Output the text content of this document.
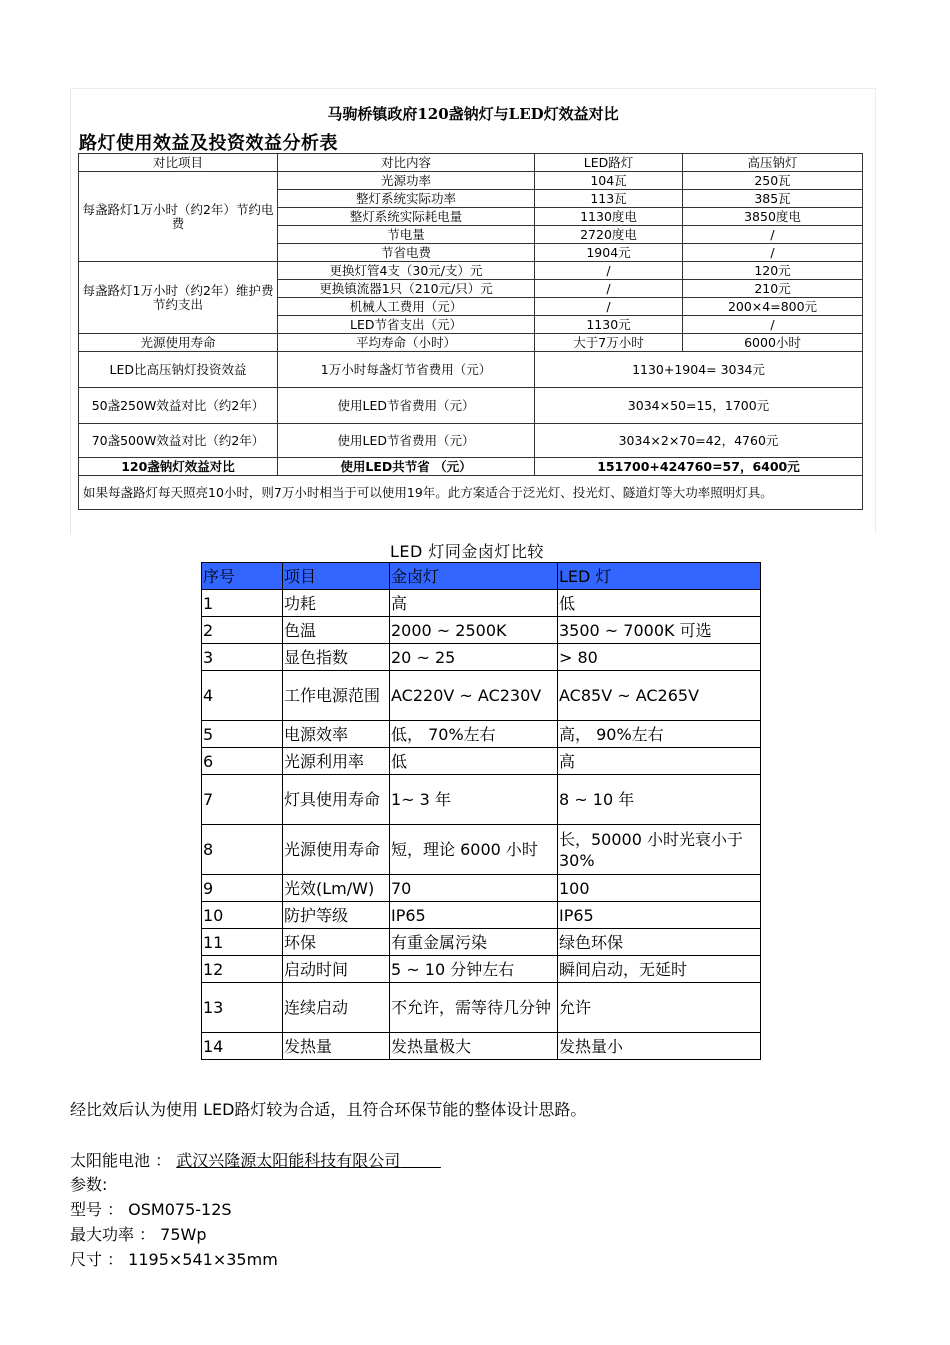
马驹桥镇政府120盏钠灯与LED灯效益对比
路灯使用效益及投资效益分析表
对比项目	对比内容	LED路灯	高压钠灯
每盏路灯1万小时（约2年）节约电费	光源功率	104瓦	250瓦
	整灯系统实际功率	113瓦	385瓦
	整灯系统实际耗电量	1130度电	3850度电
	节电量	2720度电	/
	节省电费	1904元	/
每盏路灯1万小时（约2年）维护费节约支出	更换灯管4支（30元/支）元	/	120元
	更换镇流器1只（210元/只）元	/	210元
	机械人工费用（元）	/	200×4=800元
	LED节省支出（元）	1130元	/
光源使用寿命	平均寿命（小时）	大于7万小时	6000小时
LED比高压钠灯投资效益	1万小时每盏灯节省费用（元）	1130+1904= 3034元	
50盏250W效益对比（约2年）	使用LED节省费用（元）	3034×50=15，1700元	
70盏500W效益对比（约2年）	使用LED节省费用（元）	3034×2×70=42，4760元	
120盏钠灯效益对比	使用LED共节省 （元）	151700+424760=57，6400元	
如果每盏路灯每天照亮10小时，则7万小时相当于可以使用19年。此方案适合于泛光灯、投光灯、隧道灯等大功率照明灯具。			
LED 灯同金卤灯比较
序号	项目	金卤灯	LED 灯
1	功耗	高	低
2	色温	2000 ~ 2500K	3500 ~ 7000K 可选
3	显色指数	20 ~ 25	> 80
4	工作电源范围	AC220V ~ AC230V	AC85V ~ AC265V
5	电源效率	低， 70%左右	高， 90%左右
6	光源利用率	低	高
7	灯具使用寿命	1~ 3 年	8 ~ 10 年
8	光源使用寿命	短，理论 6000 小时	长，50000 小时光衰小于 30%
9	光效(Lm/W)	70	100
10	防护等级	IP65	IP65
11	环保	有重金属污染	绿色环保
12	启动时间	5 ~ 10 分钟左右	瞬间启动，无延时
13	连续启动	不允许，需等待几分钟	允许
14	发热量	发热量极大	发热量小
经比效后认为使用 LED路灯较为合适，且符合环保节能的整体设计思路。
太阳能电池 ： 武汉兴隆源太阳能科技有限公司
参数:
型号 ： OSM075-12S
最大功率 ： 75Wp
尺寸 ： 1195×541×35mm
